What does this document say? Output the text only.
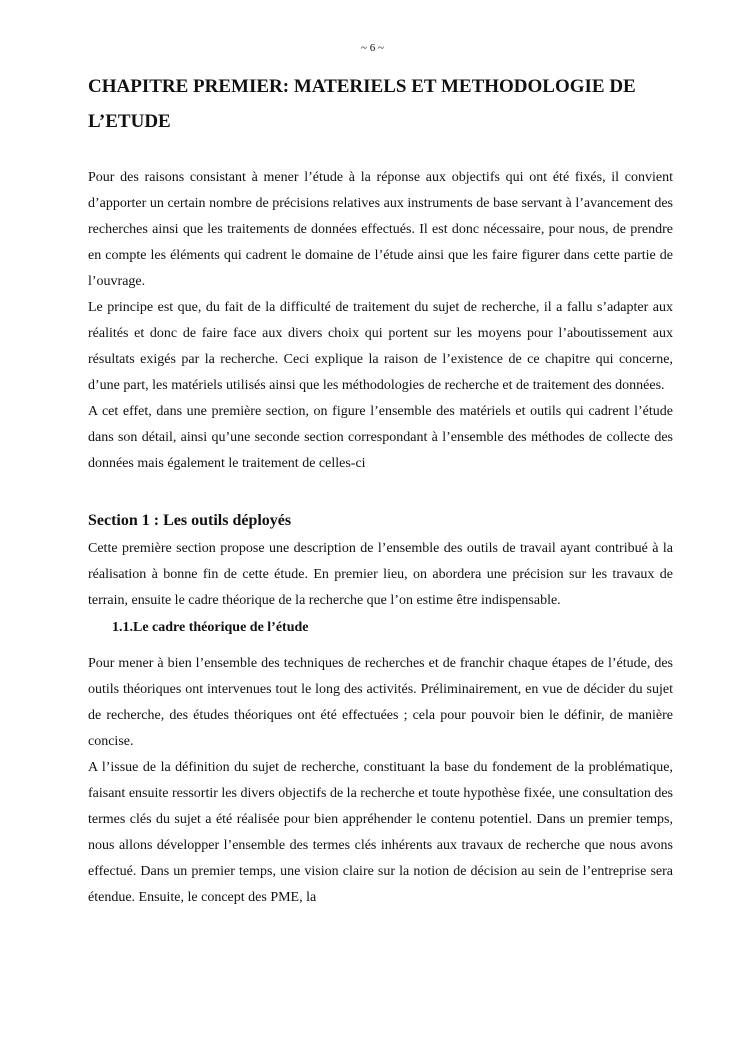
~ 6 ~
CHAPITRE PREMIER: MATERIELS ET METHODOLOGIE DE L’ETUDE

Pour des raisons consistant à mener l’étude à la réponse aux objectifs qui ont été fixés, il convient d’apporter un certain nombre de précisions relatives aux instruments de base servant à l’avancement des recherches ainsi que les traitements de données effectués. Il est donc nécessaire, pour nous, de prendre en compte les éléments qui cadrent le domaine de l’étude ainsi que les faire figurer dans cette partie de l’ouvrage.

Le principe est que, du fait de la difficulté de traitement du sujet de recherche, il a fallu s’adapter aux réalités et donc de faire face aux divers choix qui portent sur les moyens pour l’aboutissement aux résultats exigés par la recherche. Ceci explique la raison de l’existence de ce chapitre qui concerne, d’une part, les matériels utilisés ainsi que les méthodologies de recherche et de traitement des données.

A cet effet, dans une première section, on figure l’ensemble des matériels et outils qui cadrent l’étude dans son détail, ainsi qu’une seconde section correspondant à l’ensemble des méthodes de collecte des données mais également le traitement de celles-ci

Section 1 : Les outils déployés

Cette première section propose une description de l’ensemble des outils de travail ayant contribué à la réalisation à bonne fin de cette étude. En premier lieu, on abordera une précision sur les travaux de terrain, ensuite le cadre théorique de la recherche que l’on estime être indispensable.

1.1.Le cadre théorique de l’étude

Pour mener à bien l’ensemble des techniques de recherches et de franchir chaque étapes de l’étude, des outils théoriques ont intervenues tout le long des activités. Préliminairement, en vue de décider du sujet de recherche, des études théoriques ont été effectuées ; cela pour pouvoir bien le définir, de manière concise.

A l’issue de la définition du sujet de recherche, constituant la base du fondement de la problématique, faisant ensuite ressortir les divers objectifs de la recherche et toute hypothèse fixée, une consultation des termes clés du sujet a été réalisée pour bien appréhender le contenu potentiel. Dans un premier temps, nous allons développer l’ensemble des termes clés inhérents aux travaux de recherche que nous avons effectué. Dans un premier temps, une vision claire sur la notion de décision au sein de l’entreprise sera étendue. Ensuite, le concept des PME, la
